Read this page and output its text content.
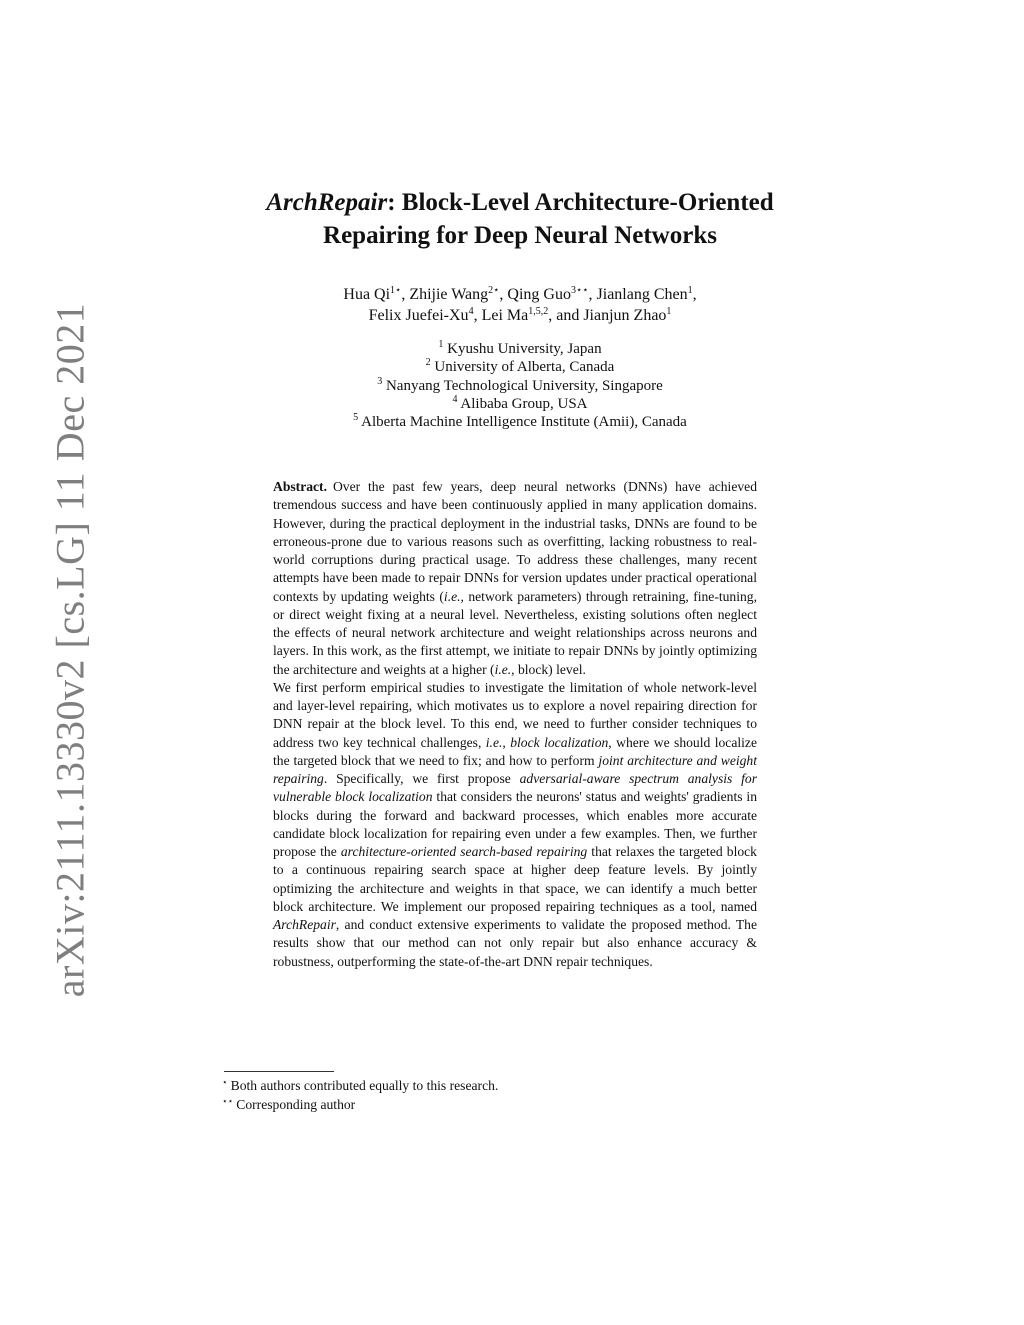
arXiv:2111.13330v2 [cs.LG] 11 Dec 2021
ArchRepair: Block-Level Architecture-Oriented
Repairing for Deep Neural Networks
Hua $Qi^{1⋆}$, Zhijie Wang$^{2⋆}$, Qing Guo$^{3⋆⋆}$, Jianlang Chen$^1$,
Felix Juefei-Xu$^4$, Lei Ma$^{1,5,2}$, and Jianjun Zhao$^1$
$^1$ Kyushu University, Japan
$^2$ University of Alberta, Canada
$^3$ Nanyang Technological University, Singapore
$^4$ Alibaba Group, USA
$^5$ Alberta Machine Intelligence Institute (Amii), Canada

Abstract. Over the past few years, deep neural networks (DNNs) have achieved tremendous success and have been continuously applied in many application domains. However, during the practical deployment in the industrial tasks, DNNs are found to be erroneous-prone due to various reasons such as overfitting, lacking robustness to real-world corruptions during practical usage. To address these challenges, many recent attempts have been made to repair DNNs for version updates under practical operational contexts by updating weights (i.e., network parameters) through retraining, fine-tuning, or direct weight fixing at a neural level. Nevertheless, existing solutions often neglect the effects of neural network architecture and weight relationships across neurons and layers. In this work, as the first attempt, we initiate to repair DNNs by jointly optimizing the architecture and weights at a higher (i.e., block) level.

We first perform empirical studies to investigate the limitation of whole network-level and layer-level repairing, which motivates us to explore a novel repairing direction for DNN repair at the block level. To this end, we need to further consider techniques to address two key technical challenges, i.e., block localization, where we should localize the targeted block that we need to fix; and how to perform joint architecture and weight repairing. Specifically, we first propose adversarial-aware spectrum analysis for vulnerable block localization that considers the neurons' status and weights' gradients in blocks during the forward and backward processes, which enables more accurate candidate block localization for repairing even under a few examples. Then, we further propose the architecture-oriented search-based repairing that relaxes the targeted block to a continuous repairing search space at higher deep feature levels. By jointly optimizing the architecture and weights in that space, we can identify a much better block architecture. We implement our proposed repairing techniques as a tool, named ArchRepair, and conduct extensive experiments to validate the proposed method. The results show that our method can not only repair but also enhance accuracy & robustness, outperforming the state-of-the-art DNN repair techniques.

⋆ Both authors contributed equally to this research.
⋆⋆ Corresponding author
